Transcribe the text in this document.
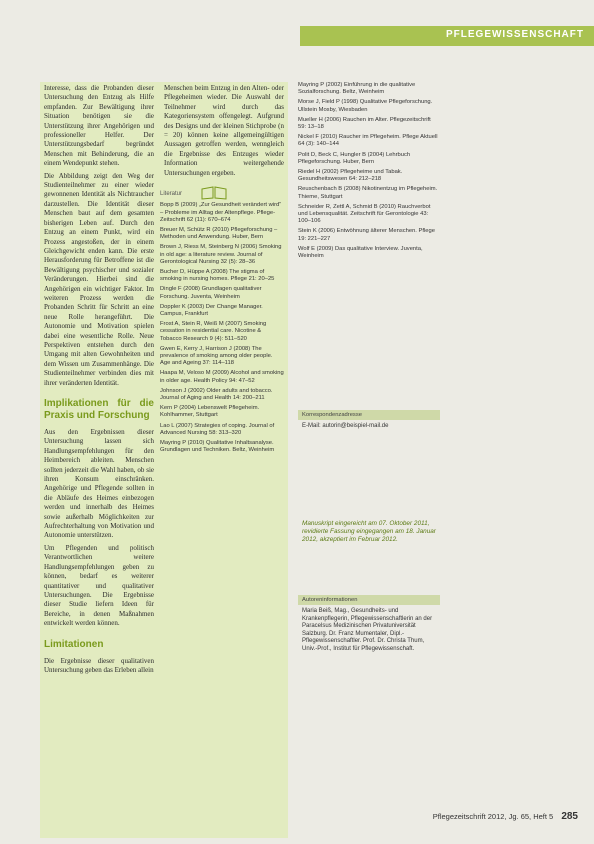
PFLEGEWISSENSCHAFT

Interesse, dass die Probanden dieser Untersuchung den Entzug als Hilfe empfanden. Zur Bewältigung ihrer Situation benötigen sie die Unterstützung ihrer Angehörigen und professioneller Helfer. Der Unterstützungsbedarf begründet Menschen mit Behinderung, die an einem Wendepunkt stehen.

Die Abbildung zeigt den Weg der Studienteilnehmer zu einer wieder gewonnenen Identität als Nichtraucher darzustellen. Die Identität dieser Menschen baut auf dem gesamten bisherigen Leben auf. Durch den Entzug an einem Punkt, wird ein Prozess angestoßen, der in einem Gleichgewicht enden kann. Die erste Herausforderung für Betroffene ist die Bewältigung psychischer und sozialer Veränderungen. Hierbei sind die Angehörigen ein wichtiger Faktor. Im weiteren Prozess werden die Probanden Schritt für Schritt an eine neue Rolle herangeführt. Die Autonomie und Motivation spielen dabei eine wesentliche Rolle. Neue Perspektiven entstehen durch den Umgang mit alten Gewohnheiten und dem Wissen um Zusammenhänge. Die Studienteilnehmer verbinden dies mit ihrer veränderten Identität.

Implikationen für die Praxis und Forschung

Aus den Ergebnissen dieser Untersuchung lassen sich Handlungsempfehlungen für den Heimbereich ableiten. Menschen sollten jederzeit die Wahl haben, ob sie ihren Konsum einschränken. Angehörige und Pflegende sollten in die Abläufe des Heimes einbezogen werden und innerhalb des Heimes sowie außerhalb Möglichkeiten zur Aufrechterhaltung von Motivation und Autonomie unterstützen.

Um Pflegenden und politisch Verantwortlichen weitere Handlungsempfehlungen geben zu können, bedarf es weiterer quantitativer und qualitativer Untersuchungen. Die Ergebnisse dieser Studie liefern Ideen für Bereiche, in denen Maßnahmen entwickelt werden können.

Limitationen

Die Ergebnisse dieser qualitativen Untersuchung geben das Erleben allein

Menschen beim Entzug in den Alten- oder Pflegeheimen wieder. Die Auswahl der Teilnehmer wird durch das Kategoriensystem offengelegt. Aufgrund des Designs und der kleinen Stichprobe (n = 20) können keine allgemeingültigen Aussagen getroffen werden, wenngleich die Ergebnisse des Entzuges wieder Information weitergehende Untersuchungen ergeben.

Literatur
Bopp B (2009) „Zur Gesundheit verändert wird“ – Probleme im Alltag der Altenpflege. Pflege-Zeitschrift 62 (11): 670–674
Breuer M, Schütz R (2010) Pflegeforschung – Methoden und Anwendung. Huber, Bern
Brown J, Riess M, Steinberg N (2006) Smoking in old age: a literature review. Journal of Gerontological Nursing 32 (5): 28–36
Bucher D, Hüppe A (2008) The stigma of smoking in nursing homes. Pflege 21: 20–25
Dingle F (2008) Grundlagen qualitativer Forschung. Juventa, Weinheim
Doppler K (2003) Der Change Manager. Campus, Frankfurt
Frost A, Stein R, Weiß M (2007) Smoking cessation in residential care. Nicotine & Tobacco Research 9 (4): 511–520
Gwen E, Kerry J, Harrison J (2008) The prevalence of smoking among older people. Age and Ageing 37: 114–118
Haapa M, Veloso M (2009) Alcohol and smoking in older age. Health Policy 94: 47–52
Johnson J (2002) Older adults and tobacco. Journal of Aging and Health 14: 200–211
Kern P (2004) Lebenswelt Pflegeheim. Kohlhammer, Stuttgart
Lao L (2007) Strategies of coping. Journal of Advanced Nursing 58: 313–320
Mayring P (2010) Qualitative Inhaltsanalyse. Grundlagen und Techniken. Beltz, Weinheim
Mayring P (2002) Einführung in die qualitative Sozialforschung. Beltz, Weinheim
Morse J, Field P (1998) Qualitative Pflegeforschung. Ullstein Mosby, Wiesbaden
Mueller H (2006) Rauchen im Alter. Pflegezeitschrift 59: 13–18
Nickel F (2010) Raucher im Pflegeheim. Pflege Aktuell 64 (3): 140–144
Polit D, Beck C, Hungler B (2004) Lehrbuch Pflegeforschung. Huber, Bern
Riedel H (2002) Pflegeheime und Tabak. Gesundheitswesen 64: 212–218
Reuschenbach B (2008) Nikotinentzug im Pflegeheim. Thieme, Stuttgart
Schneider R, Zettl A, Schmid B (2010) Rauchverbot und Lebensqualität. Zeitschrift für Gerontologie 43: 100–106
Stein K (2006) Entwöhnung älterer Menschen. Pflege 19: 221–227
Wolf E (2009) Das qualitative Interview. Juventa, Weinheim
Korrespondenzadresse
E-Mail: autorin@beispiel-mail.de
Manuskript eingereicht am 07. Oktober 2011, revidierte Fassung eingegangen am 18. Januar 2012, akzeptiert im Februar 2012.
Autoreninformationen
Maria Beiß, Mag., Gesundheits- und Krankenpflegerin, Pflegewissenschaftlerin an der Paracelsus Medizinischen Privatuniversität Salzburg. Dr. Franz Mumentaler, Dipl.-Pflegewissenschaftler. Prof. Dr. Christa Thum, Univ.-Prof., Institut für Pflegewissenschaft.
Pflegezeitschrift 2012, Jg. 65, Heft 5 285
